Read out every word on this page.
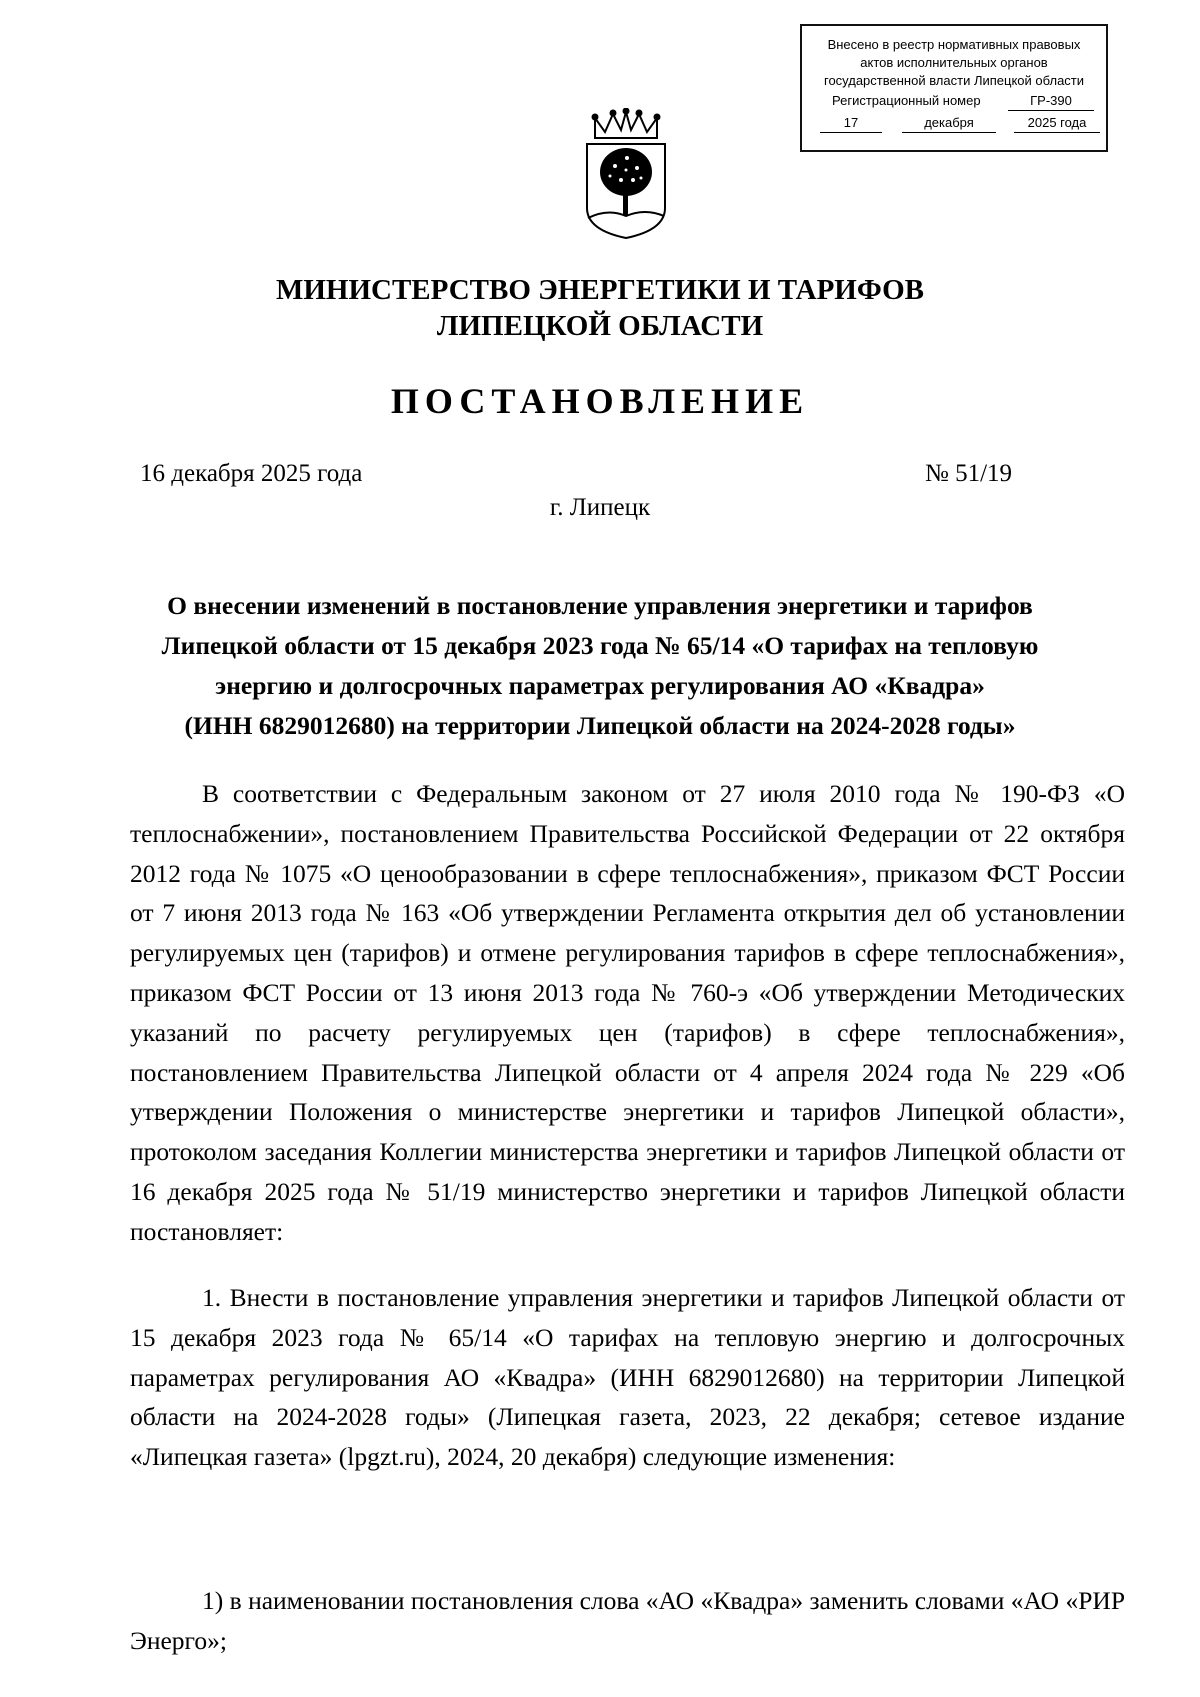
Внесено в реестр нормативных правовых
актов исполнительных органов
государственной власти Липецкой области
Регистрационный номер	ГР-390
17	декабря	2025 года
МИНИСТЕРСТВО ЭНЕРГЕТИКИ И ТАРИФОВ
ЛИПЕЦКОЙ ОБЛАСТИ
ПОСТАНОВЛЕНИЕ
16 декабря 2025 года	№ 51/19
г. Липецк
О внесении изменений в постановление управления энергетики и тарифов
Липецкой области от 15 декабря 2023 года № 65/14 «О тарифах на тепловую
энергию и долгосрочных параметрах регулирования АО «Квадра»
(ИНН 6829012680) на территории Липецкой области на 2024-2028 годы»
В соответствии с Федеральным законом от 27 июля 2010 года № 190-ФЗ «О теплоснабжении», постановлением Правительства Российской Федерации от 22 октября 2012 года № 1075 «О ценообразовании в сфере теплоснабжения», приказом ФСТ России от 7 июня 2013 года № 163 «Об утверждении Регламента открытия дел об установлении регулируемых цен (тарифов) и отмене регулирования тарифов в сфере теплоснабжения», приказом ФСТ России от 13 июня 2013 года № 760-э «Об утверждении Методических указаний по расчету регулируемых цен (тарифов) в сфере теплоснабжения», постановлением Правительства Липецкой области от 4 апреля 2024 года № 229 «Об утверждении Положения о министерстве энергетики и тарифов Липецкой области», протоколом заседания Коллегии министерства энергетики и тарифов Липецкой области от 16 декабря 2025 года № 51/19 министерство энергетики и тарифов Липецкой области постановляет:
1. Внести в постановление управления энергетики и тарифов Липецкой области от 15 декабря 2023 года № 65/14 «О тарифах на тепловую энергию и долгосрочных параметрах регулирования АО «Квадра» (ИНН 6829012680) на территории Липецкой области на 2024-2028 годы» (Липецкая газета, 2023, 22 декабря; сетевое издание «Липецкая газета» (lpgzt.ru), 2024, 20 декабря) следующие изменения:
1) в наименовании постановления слова «АО «Квадра» заменить словами «АО «РИР Энерго»;
